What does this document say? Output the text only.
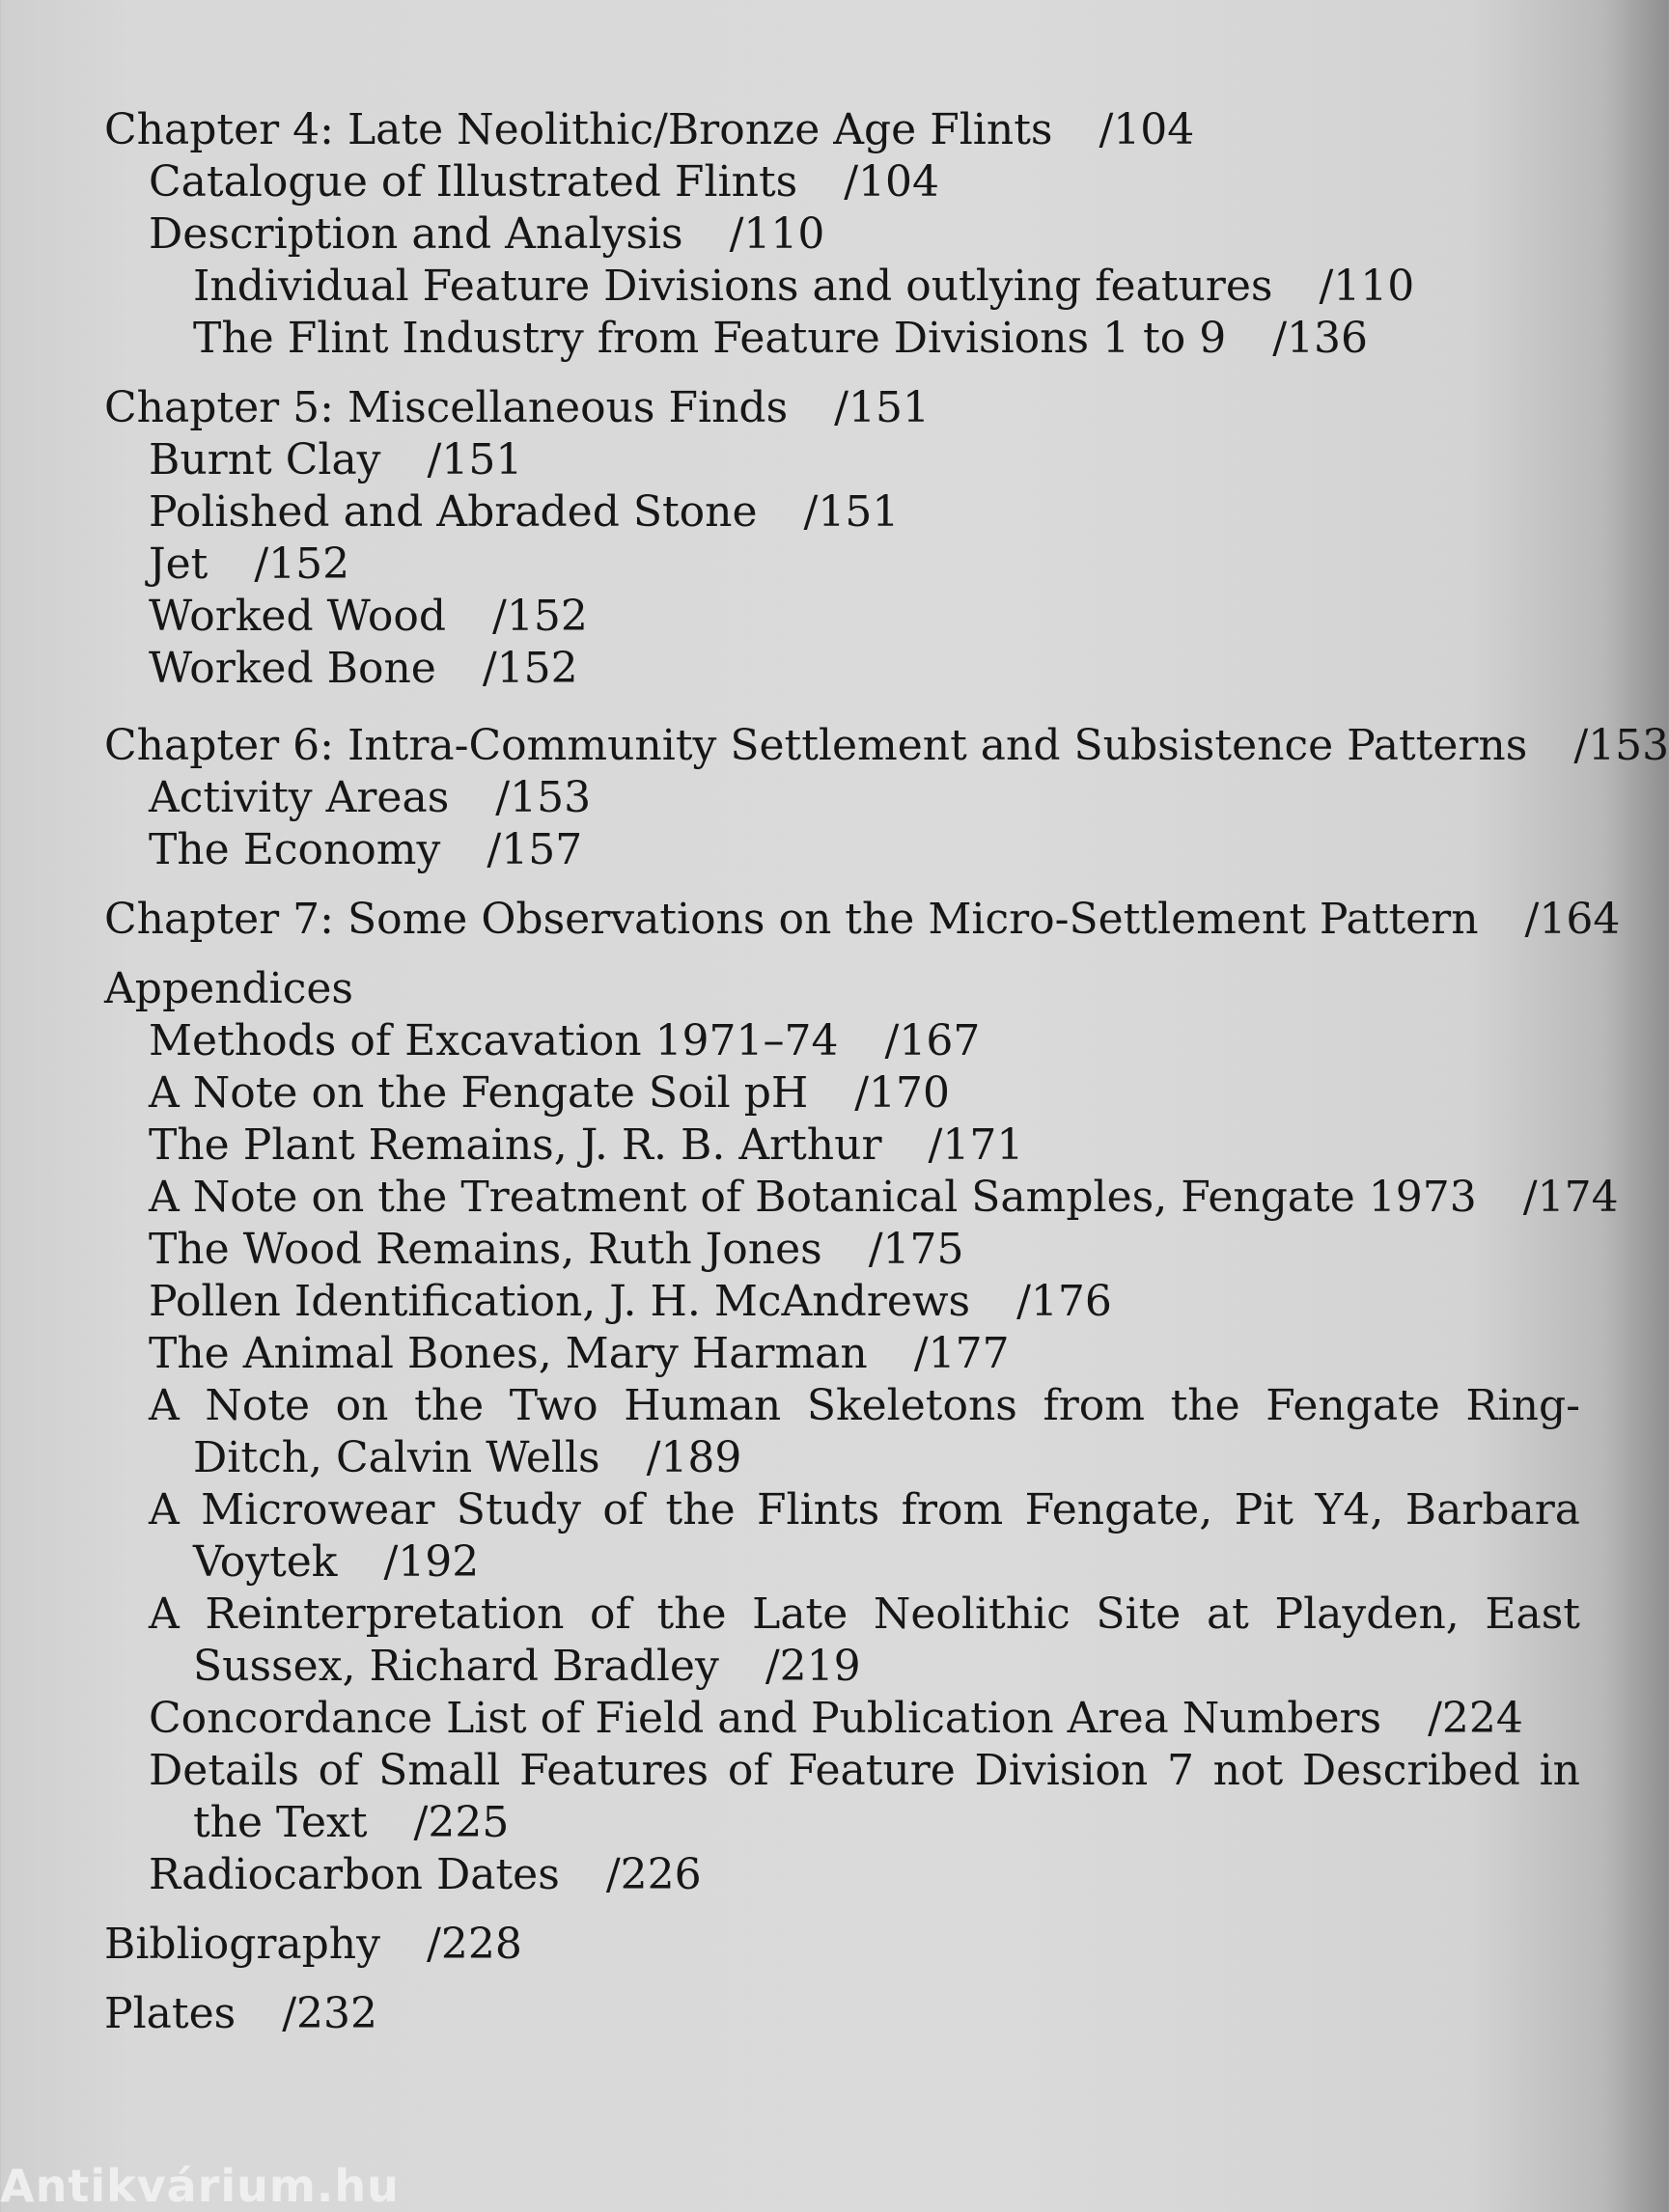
Chapter 4: Late Neolithic/Bronze Age Flints /104
Catalogue of Illustrated Flints /104
Description and Analysis /110
Individual Feature Divisions and outlying features /110
The Flint Industry from Feature Divisions 1 to 9 /136
Chapter 5: Miscellaneous Finds /151
Burnt Clay /151
Polished and Abraded Stone /151
Jet /152
Worked Wood /152
Worked Bone /152
Chapter 6: Intra-Community Settlement and Subsistence Patterns /153
Activity Areas /153
The Economy /157
Chapter 7: Some Observations on the Micro-Settlement Pattern /164
Appendices
Methods of Excavation 1971–74 /167
A Note on the Fengate Soil pH /170
The Plant Remains, J. R. B. Arthur /171
A Note on the Treatment of Botanical Samples, Fengate 1973 /174
The Wood Remains, Ruth Jones /175
Pollen Identification, J. H. McAndrews /176
The Animal Bones, Mary Harman /177
A Note on the Two Human Skeletons from the Fengate Ring-Ditch, Calvin Wells /189
A Microwear Study of the Flints from Fengate, Pit Y4, Barbara Voytek /192
A Reinterpretation of the Late Neolithic Site at Playden, East Sussex, Richard Bradley /219
Concordance List of Field and Publication Area Numbers /224
Details of Small Features of Feature Division 7 not Described in the Text /225
Radiocarbon Dates /226
Bibliography /228
Plates /232
Antikvárium.hu
